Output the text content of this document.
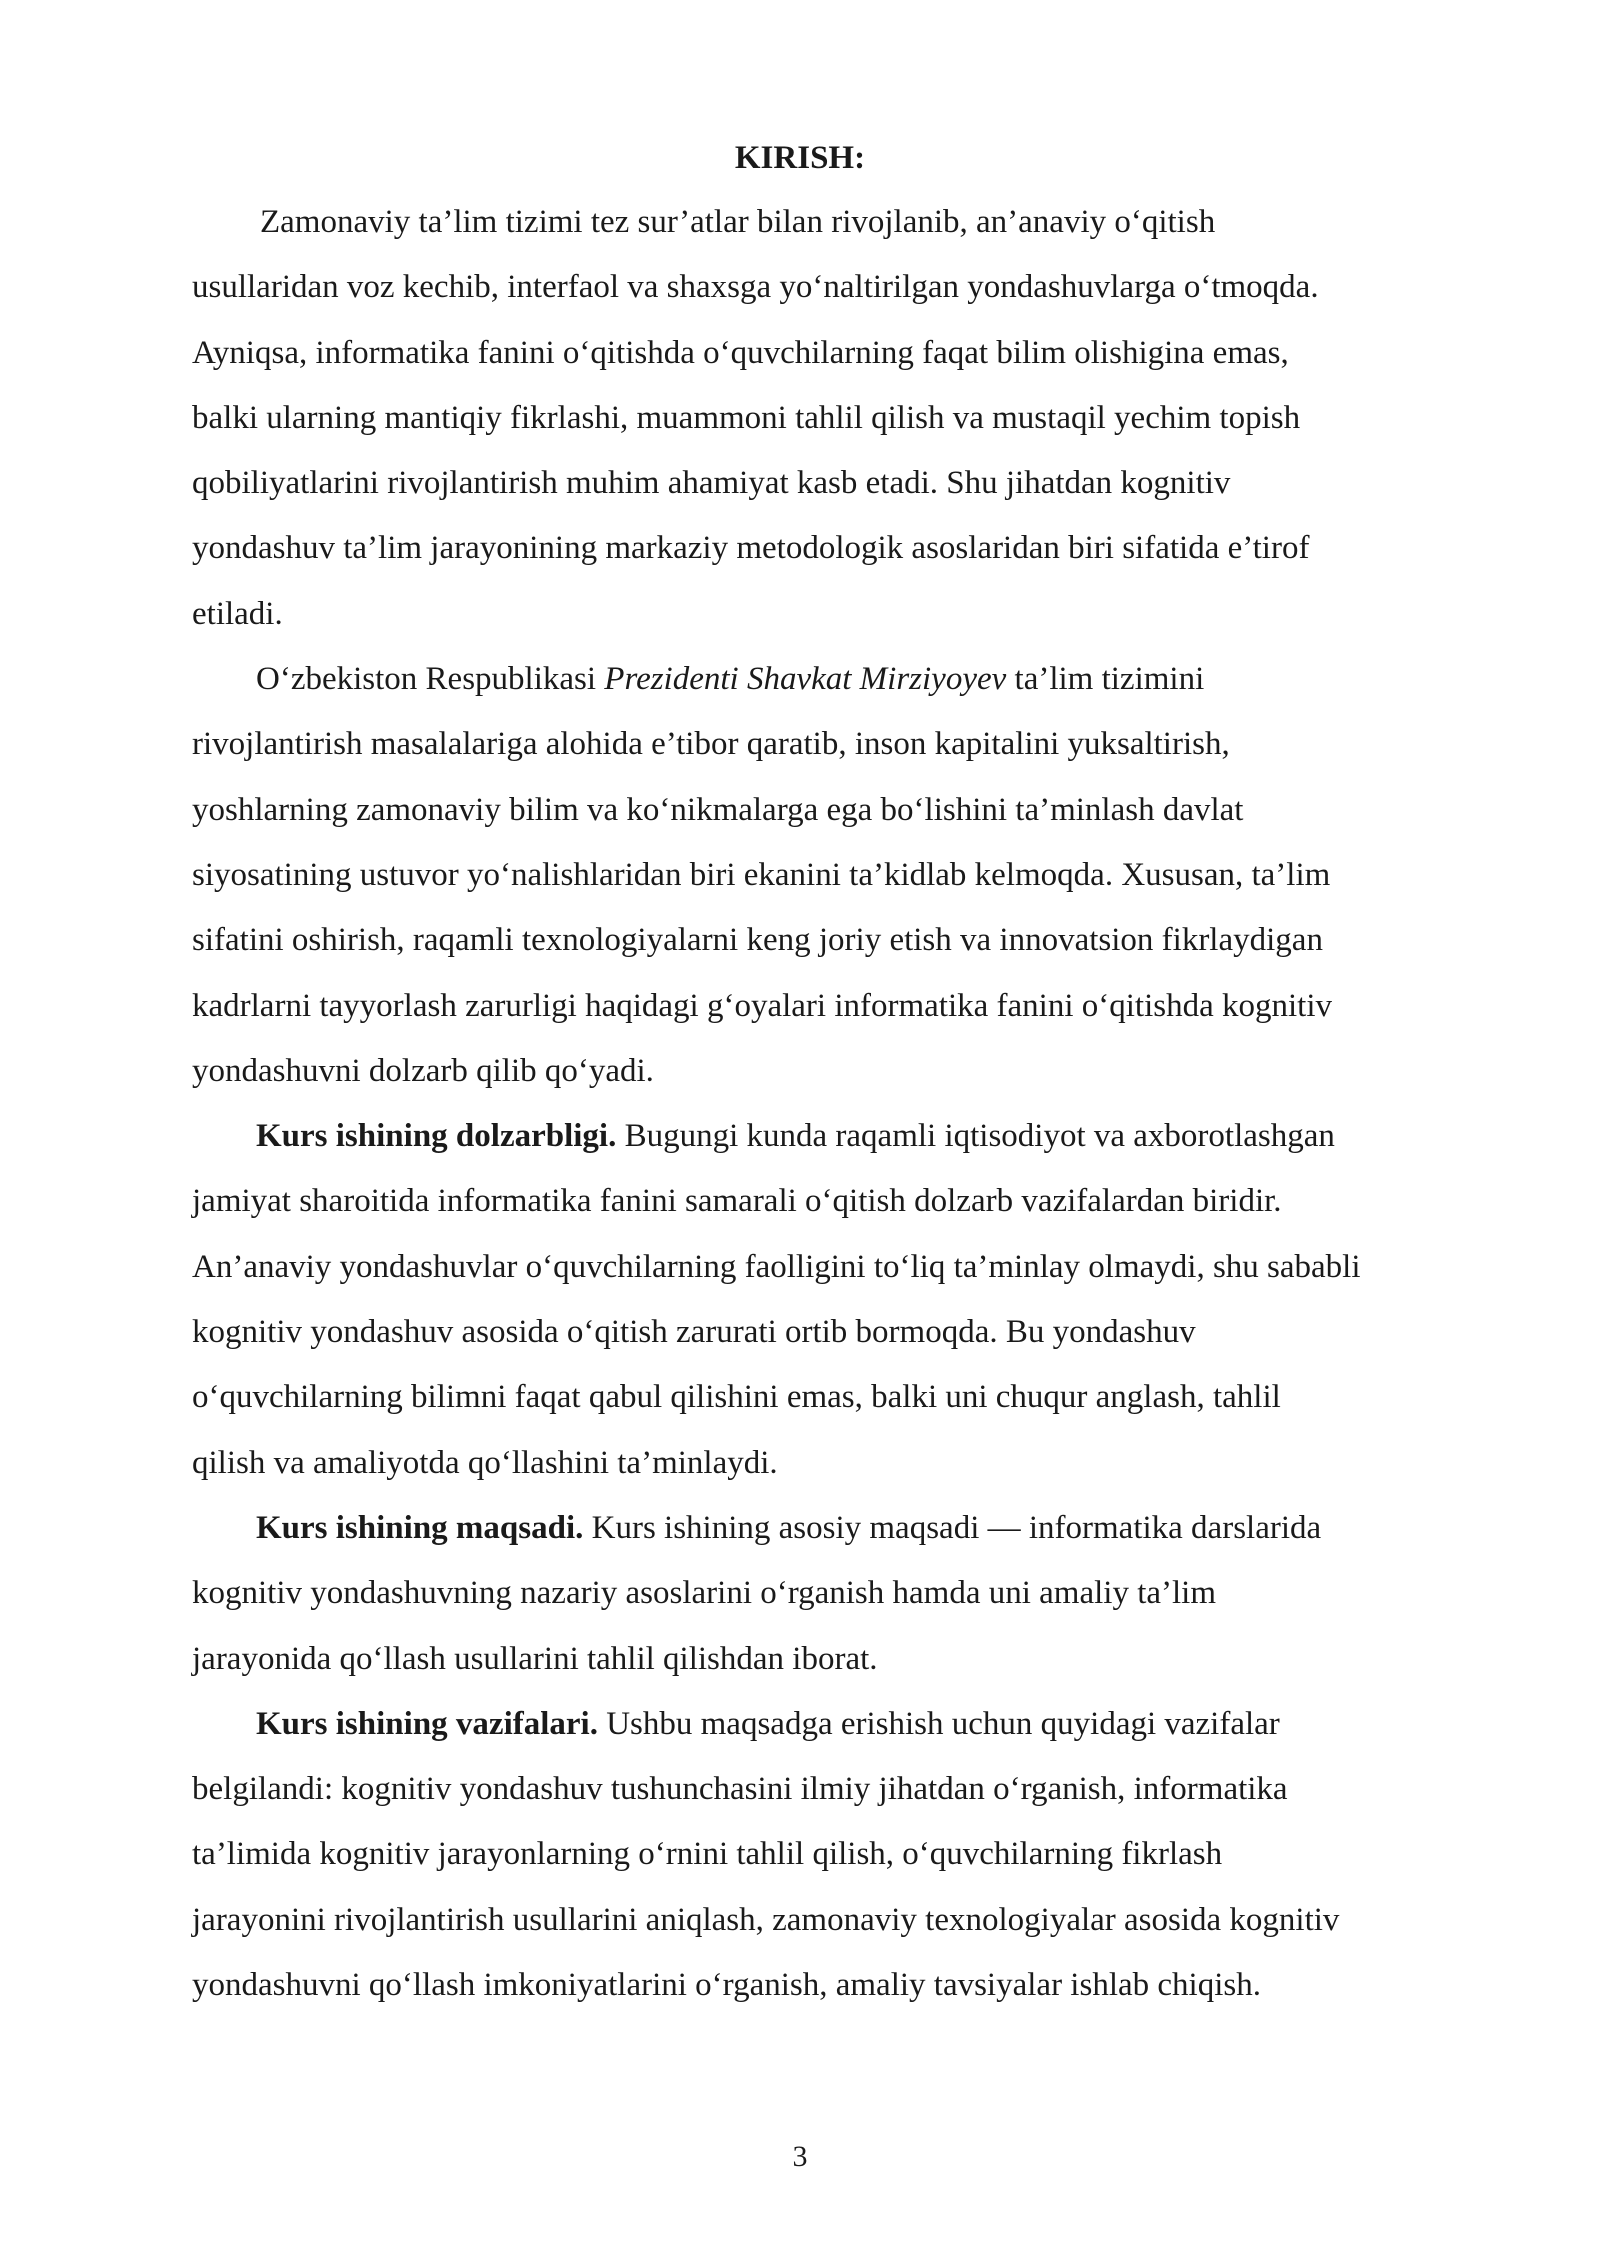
KIRISH:

Zamonaviy ta’lim tizimi tez sur’atlar bilan rivojlanib, an’anaviy o‘qitish
usullaridan voz kechib, interfaol va shaxsga yo‘naltirilgan yondashuvlarga o‘tmoqda.
Ayniqsa, informatika fanini o‘qitishda o‘quvchilarning faqat bilim olishigina emas,
balki ularning mantiqiy fikrlashi, muammoni tahlil qilish va mustaqil yechim topish
qobiliyatlarini rivojlantirish muhim ahamiyat kasb etadi. Shu jihatdan kognitiv
yondashuv ta’lim jarayonining markaziy metodologik asoslaridan biri sifatida e’tirof
etiladi.

O‘zbekiston Respublikasi Prezidenti Shavkat Mirziyoyev ta’lim tizimini
rivojlantirish masalalariga alohida e’tibor qaratib, inson kapitalini yuksaltirish,
yoshlarning zamonaviy bilim va ko‘nikmalarga ega bo‘lishini ta’minlash davlat
siyosatining ustuvor yo‘nalishlaridan biri ekanini ta’kidlab kelmoqda. Xususan, ta’lim
sifatini oshirish, raqamli texnologiyalarni keng joriy etish va innovatsion fikrlaydigan
kadrlarni tayyorlash zarurligi haqidagi g‘oyalari informatika fanini o‘qitishda kognitiv
yondashuvni dolzarb qilib qo‘yadi.

Kurs ishining dolzarbligi. Bugungi kunda raqamli iqtisodiyot va axborotlashgan
jamiyat sharoitida informatika fanini samarali o‘qitish dolzarb vazifalardan biridir.
An’anaviy yondashuvlar o‘quvchilarning faolligini to‘liq ta’minlay olmaydi, shu sababli
kognitiv yondashuv asosida o‘qitish zarurati ortib bormoqda. Bu yondashuv
o‘quvchilarning bilimni faqat qabul qilishini emas, balki uni chuqur anglash, tahlil
qilish va amaliyotda qo‘llashini ta’minlaydi.

Kurs ishining maqsadi. Kurs ishining asosiy maqsadi — informatika darslarida
kognitiv yondashuvning nazariy asoslarini o‘rganish hamda uni amaliy ta’lim
jarayonida qo‘llash usullarini tahlil qilishdan iborat.

Kurs ishining vazifalari. Ushbu maqsadga erishish uchun quyidagi vazifalar
belgilandi: kognitiv yondashuv tushunchasini ilmiy jihatdan o‘rganish, informatika
ta’limida kognitiv jarayonlarning o‘rnini tahlil qilish, o‘quvchilarning fikrlash
jarayonini rivojlantirish usullarini aniqlash, zamonaviy texnologiyalar asosida kognitiv
yondashuvni qo‘llash imkoniyatlarini o‘rganish, amaliy tavsiyalar ishlab chiqish.

3
